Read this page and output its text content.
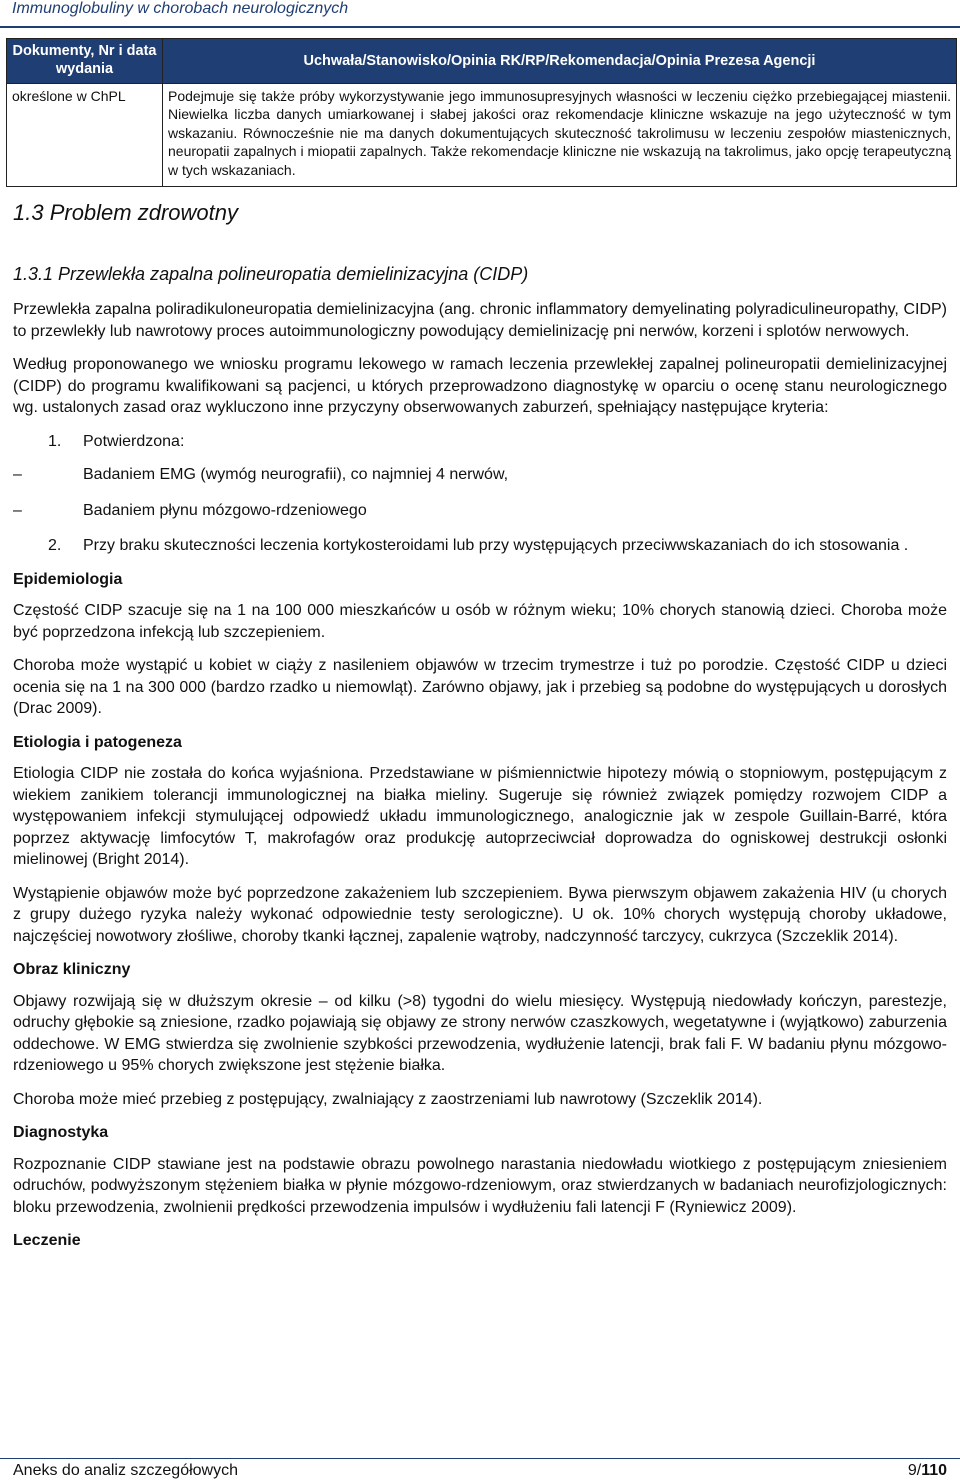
Immunoglobuliny w chorobach neurologicznych
Dokumenty, Nr i data wydania	Uchwała/Stanowisko/Opinia RK/RP/Rekomendacja/Opinia Prezesa Agencji
określone w ChPL	Podejmuje się także próby wykorzystywanie jego immunosupresyjnych własności w leczeniu ciężko przebiegającej miastenii. Niewielka liczba danych umiarkowanej i słabej jakości oraz rekomendacje kliniczne wskazuje na jego użyteczność w tym wskazaniu. Równocześnie nie ma danych dokumentujących skuteczność takrolimusu w leczeniu zespołów miastenicznych, neuropatii zapalnych i miopatii zapalnych. Także rekomendacje kliniczne nie wskazują na takrolimus, jako opcję terapeutyczną w tych wskazaniach.
1.3 Problem zdrowotny
1.3.1 Przewlekła zapalna polineuropatia demielinizacyjna (CIDP)

Przewlekła zapalna poliradikuloneuropatia demielinizacyjna (ang. chronic inflammatory demyelinating polyradiculineuropathy, CIDP) to przewlekły lub nawrotowy proces autoimmunologiczny powodujący demielinizację pni nerwów, korzeni i splotów nerwowych.

Według proponowanego we wniosku programu lekowego w ramach leczenia przewlekłej zapalnej polineuropatii demielinizacyjnej (CIDP) do programu kwalifikowani są pacjenci, u których przeprowadzono diagnostykę w oparciu o ocenę stanu neurologicznego wg. ustalonych zasad oraz wykluczono inne przyczyny obserwowanych zaburzeń, spełniający następujące kryteria:

1.	Potwierdzona:
–	Badaniem EMG (wymóg neurografii), co najmniej 4 nerwów,
–	Badaniem płynu mózgowo-rdzeniowego
2.	Przy braku skuteczności leczenia kortykosteroidami lub przy występujących przeciwwskazaniach do ich stosowania .
Epidemiologia

Częstość CIDP szacuje się na 1 na 100 000 mieszkańców u osób w różnym wieku; 10% chorych stanowią dzieci. Choroba może być poprzedzona infekcją lub szczepieniem.

Choroba może wystąpić u kobiet w ciąży z nasileniem objawów w trzecim trymestrze i tuż po porodzie. Częstość CIDP u dzieci ocenia się na 1 na 300 000 (bardzo rzadko u niemowląt). Zarówno objawy, jak i przebieg są podobne do występujących u dorosłych (Drac 2009).

Etiologia i patogeneza

Etiologia CIDP nie została do końca wyjaśniona. Przedstawiane w piśmiennictwie hipotezy mówią o stopniowym, postępującym z wiekiem zanikiem tolerancji immunologicznej na białka mieliny. Sugeruje się również związek pomiędzy rozwojem CIDP a występowaniem infekcji stymulującej odpowiedź układu immunologicznego, analogicznie jak w zespole Guillain-Barré, która poprzez aktywację limfocytów T, makrofagów oraz produkcję autoprzeciwciał doprowadza do ogniskowej destrukcji osłonki mielinowej (Bright 2014).

Wystąpienie objawów może być poprzedzone zakażeniem lub szczepieniem. Bywa pierwszym objawem zakażenia HIV (u chorych z grupy dużego ryzyka należy wykonać odpowiednie testy serologiczne). U ok. 10% chorych występują choroby układowe, najczęściej nowotwory złośliwe, choroby tkanki łącznej, zapalenie wątroby, nadczynność tarczycy, cukrzyca (Szczeklik 2014).

Obraz kliniczny

Objawy rozwijają się w dłuższym okresie – od kilku (>8) tygodni do wielu miesięcy. Występują niedowłady kończyn, parestezje, odruchy głębokie są zniesione, rzadko pojawiają się objawy ze strony nerwów czaszkowych, wegetatywne i (wyjątkowo) zaburzenia oddechowe. W EMG stwierdza się zwolnienie szybkości przewodzenia, wydłużenie latencji, brak fali F. W badaniu płynu mózgowo-rdzeniowego u 95% chorych zwiększone jest stężenie białka.

Choroba może mieć przebieg z postępujący, zwalniający z zaostrzeniami lub nawrotowy (Szczeklik 2014).

Diagnostyka

Rozpoznanie CIDP stawiane jest na podstawie obrazu powolnego narastania niedowładu wiotkiego z postępującym zniesieniem odruchów, podwyższonym stężeniem białka w płynie mózgowo-rdzeniowym, oraz stwierdzanych w badaniach neurofizjologicznych: bloku przewodzenia, zwolnienii prędkości przewodzenia impulsów i wydłużeniu fali latencji F (Ryniewicz 2009).

Leczenie
Aneks do analiz szczegółowych	9/110
